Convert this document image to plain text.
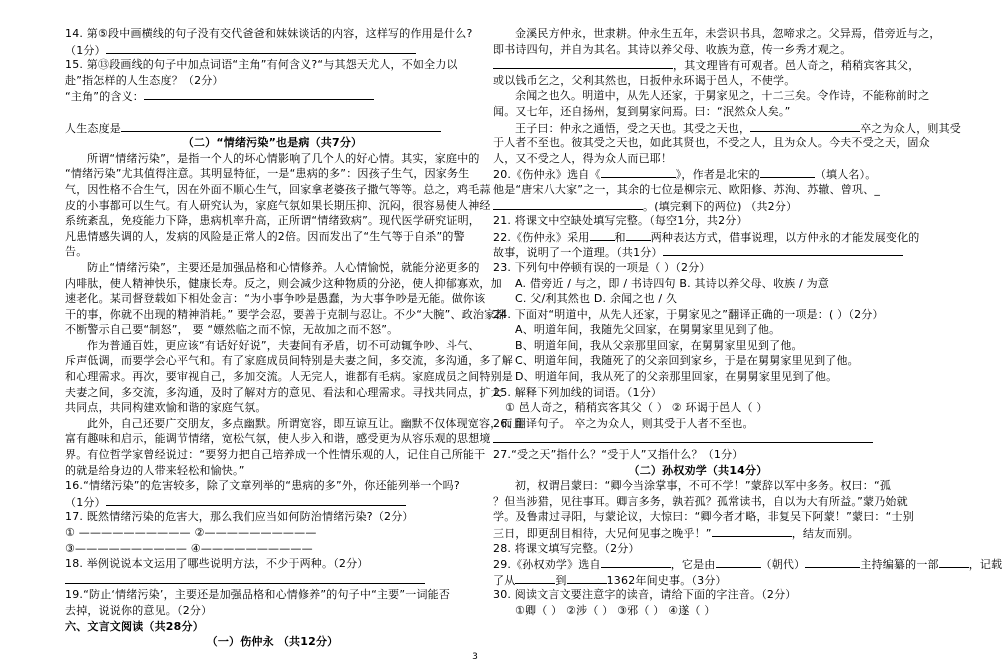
14. 第⑤段中画横线的句子没有交代爸爸和妹妹谈话的内容，这样写的作用是什么?
（1分）
15. 第⑬段画线的句子中加点词语“主角”有何含义?“与其怨天尤人，不如全力以
赴”指怎样的人生态度？（2分）
“主角”的含义：
人生态度是
（二）“情绪污染”也是病（共7分）
所谓“情绪污染”，是指一个人的坏心情影响了几个人的好心情。其实，家庭中的
“情绪污染”尤其值得注意。其明显特征，一是“患病的多”：因孩子生气，因家务生
气，因性格不合生气，因在外面不顺心生气，回家拿老婆孩子撒气等等。总之，鸡毛蒜
皮的小事都可以生气。有人研究认为，家庭气氛如果长期压抑、沉闷，很容易使人神经
系统紊乱，免疫能力下降，患病机率升高，正所谓“情绪致病”。现代医学研究证明，
凡患情感失调的人，发病的风险是正常人的2倍。因而发出了“生气等于自杀”的警
告。
防止“情绪污染”，主要还是加强品格和心情修养。人心情愉悦，就能分泌更多的
内啡肽，使人精神快乐，健康长寿。反之，则会减少这种物质的分泌，使人抑郁寡欢，加
速老化。某司督登载如下相处金言：“为小事争吵是愚蠢，为大事争吵是无能。做你该
干的事，你就不出现的精神消耗。” 要学会忍，要善于克制与忍让。不少“大腕”、政治家都
不断警示自己要“制怒”， 要 “嫖然临之而不惊，无故加之而不怒”。
作为普通百姓，更应该“有话好好说”，夫妻间有矛盾，切不可动辄争吵、斗气、
斥声低调，而要学会心平气和。有了家庭成员间特别是夫妻之间，多交流，多沟通，多了解
和心理需求。再次，要审视自己，多加交流。人无完人，谁都有毛病。家庭成员之间特别是
夫妻之间，多交流，多沟通，及时了解对方的意见、看法和心理需求。寻找共同点，扩大
共同点，共同构建欢愉和谐的家庭气氛。
此外，自己还要广交朋友，多点幽默。所谓宽容，即互谅互让。幽默不仅体现宽容，而且
富有趣味和启示，能调节情绪，宽松气氛，使人步入和谐，感受更为从容乐观的思想境
界。有位哲学家曾经说过：“要努力把自己培养成一个性情乐观的人，记住自己所能干
的就是给身边的人带来轻松和愉快。”
16.“情绪污染”的危害较多，除了文章列举的“患病的多”外，你还能列举一个吗?
（1分）
17. 既然情绪污染的危害大，那么我们应当如何防治情绪污染?（2分）
① —————————— ②——————————
③—————————— ④——————————
18. 举例说说本文运用了哪些说明方法，不少于两种。（2分）
19.“防止‘情绪污染’，主要还是加强品格和心情修养”的句子中“主要”一词能否
去掉，说说你的意见。（2分）
六、文言文阅读（共28分）
（一）伤仲永 （共12分）
金溪民方仲永，世隶耕。仲永生五年，未尝识书具，忽啼求之。父异焉，借旁近与之，
即书诗四句，并自为其名。其诗以养父母、收族为意，传一乡秀才观之。
，其文理皆有可观者。邑人奇之，稍稍宾客其父，
或以钱币乞之，父利其然也，日扳仲永环谒于邑人，不使学。
余闻之也久。明道中，从先人还家，于舅家见之，十二三矣。令作诗，不能称前时之
闻。又七年，还自扬州，复到舅家问焉。曰：“泯然众人矣。”
王子曰：仲永之通悟，受之天也。其受之天也，	卒之为众人，则其受
于人者不至也。彼其受之天也，如此其贤也，不受之人，且为众人。今夫不受之天，固众
人，又不受之人，得为众人而已耶！
20.《伤仲永》选自《	》，作者是北宋的	（填人名）。
他是“唐宋八大家”之一，其余的七位是柳宗元、欧阳修、苏洵、苏辙、曾巩、_
。(填完剩下的两位) （共2分）
21. 将课文中空缺处填写完整。（每空1分，共2分）
22.《伤仲永》采用 和 两种表达方式，借事说理，以方仲永的才能发展变化的
故事，说明了一个道理。（共1分）
23. 下列句中停顿有误的一项是（ ）（2分）
A. 借旁近 / 与之，即 / 书诗四句 B. 其诗以养父母、收族 / 为意
C. 父/利其然也 D. 余闻之也 / 久
24. 下面对“明道中，从先人还家，于舅家见之”翻译正确的一项是：( ）（2分）
A、明道年间，我随先父回家，在舅舅家里见到了他。
B、明道年间，我从父亲那里回家，在舅舅家里见到了他。
C、明道年间，我随死了的父亲回到家乡，于是在舅舅家里见到了他。
D、明道年间，我从死了的父亲那里回家，在舅舅家里见到了他。
25. 解释下列加线的词语。（1分）
① 邑人奇之，稍稍宾客其父（ ） ② 环谒于邑人（ ）
26. 翻译句子。 卒之为众人，则其受于人者不至也。
27.“受之天”指什么？“受于人”又指什么？（1分）
（二）孙权劝学（共14分）
初，权谓吕蒙曰：“卿今当涂掌事，不可不学！”蒙辞以军中多务。权曰：“孤
？但当涉猎，见往事耳。卿言多务，孰若孤？孤常读书，自以为大有所益。”蒙乃始就
学。及鲁肃过寻阳，与蒙论议，大惊曰：“卿今者才略，非复吴下阿蒙！”蒙曰：“士别
三日，即更刮目相待，大兄何见事之晚乎！”	，结友而别。
28. 将课文填写完整。（2分）
29.《孙权劝学》选自	，它是由	（朝代）	主持编纂的一部	，记载
了从	到	1362年间史事。（3分）
30. 阅读文言文要注意字的读音，请给下面的字注音。（2分）
①卿（ ） ②涉（ ） ③邪（ ） ④遂（ ）
3
